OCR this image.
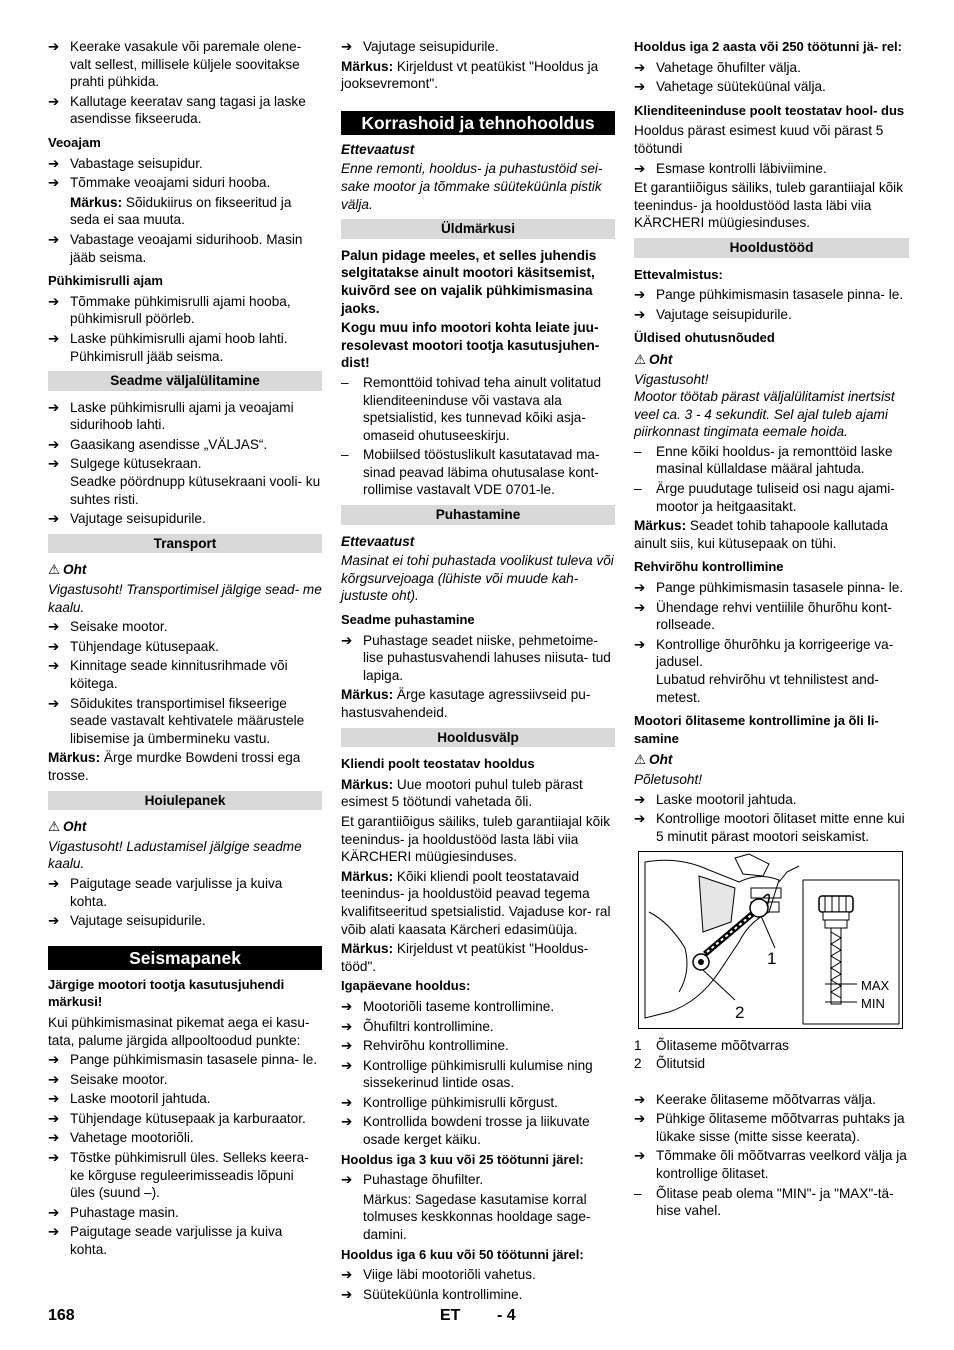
➔ Keerake vasakule või paremale olene- valt sellest, millisele küljele soovitakse prahti pühkida.
➔ Kallutage keeratav sang tagasi ja laske asendisse fikseeruda.
Veoajam
➔ Vabastage seisupidur.
➔ Tõmmake veoajami siduri hooba.
Märkus: Sõidukiirus on fikseeritud ja seda ei saa muuta.
➔ Vabastage veoajami sidurihoob. Masin jääb seisma.
Pühkimisrulli ajam
➔ Tõmmake pühkimisrulli ajami hooba, pühkimisrull pöörleb.
➔ Laske pühkimisrulli ajami hoob lahti. Pühkimisrull jääb seisma.
Seadme väljalülitamine
➔ Laske pühkimisrulli ajami ja veoajami sidurihoob lahti.
➔ Gaasikang asendisse „VÄLJAS“.
➔ Sulgege kütusekraan.
Seadke pöördnupp kütusekraani vooli- ku suhtes risti.
➔ Vajutage seisupidurile.
Transport
⚠ Oht

Vigastusoht! Transportimisel jälgige sead- me kaalu.

➔ Seisake mootor.
➔ Tühjendage kütusepaak.
➔ Kinnitage seade kinnitusrihmade või köitega.
➔ Sõidukites transportimisel fikseerige seade vastavalt kehtivatele määrustele libisemise ja ümbermineku vastu.

Märkus: Ärge murdke Bowdeni trossi ega trosse.

Hoiulepanek
⚠ Oht

Vigastusoht! Ladustamisel jälgige seadme kaalu.

➔ Paigutage seade varjulisse ja kuiva kohta.
➔ Vajutage seisupidurile.
Seismapanek
Järgige mootori tootja kasutusjuhendi märkusi!

Kui pühkimismasinat pikemat aega ei kasu- tata, palume järgida allpooltoodud punkte:

➔ Pange pühkimismasin tasasele pinna- le.
➔ Seisake mootor.
➔ Laske mootoril jahtuda.
➔ Tühjendage kütusepaak ja karburaator.
➔ Vahetage mootoriõli.
➔ Tõstke pühkimisrull üles. Selleks keera- ke kõrguse reguleerimisseadis lõpuni üles (suund –).
➔ Puhastage masin.
➔ Paigutage seade varjulisse ja kuiva kohta.
➔ Vajutage seisupidurile.

Märkus: Kirjeldust vt peatükist "Hooldus ja jooksevremont".

Korrashoid ja tehnohooldus

Ettevaatust

Enne remonti, hooldus- ja puhastustöid sei- sake mootor ja tõmmake süüteküünla pistik välja.

Üldmärkusi

Palun pidage meeles, et selles juhendis selgitatakse ainult mootori käsitsemist, kuivõrd see on vajalik pühkimismasina jaoks.

Kogu muu info mootori kohta leiate juu- resolevast mootori tootja kasutusjuhen- dist!

–	Remonttöid tohivad teha ainult volitatud klienditeeninduse või vastava ala spetsialistid, kes tunnevad kõiki asja- omaseid ohutuseeskirju.
–	Mobiilsed tööstuslikult kasutatavad ma- sinad peavad läbima ohutusalase kont- rollimise vastavalt VDE 0701-le.
Puhastamine

Ettevaatust

Masinat ei tohi puhastada voolikust tuleva või kõrgsurvejoaga (lühiste või muude kah- justuste oht).

Seadme puhastamine
➔ Puhastage seadet niiske, pehmetoime- lise puhastusvahendi lahuses niisuta- tud lapiga.

Märkus: Ärge kasutage agressiivseid pu- hastusvahendeid.

Hooldusvälp
Kliendi poolt teostatav hooldus

Märkus: Uue mootori puhul tuleb pärast esimest 5 töötundi vahetada õli.

Et garantiiõigus säiliks, tuleb garantiiajal kõik teenindus- ja hooldustööd lasta läbi viia KÄRCHERI müügiesinduses.

Märkus: Kõiki kliendi poolt teostatavaid teenindus- ja hooldustöid peavad tegema kvalifitseeritud spetsialistid. Vajaduse kor- ral võib alati kaasata Kärcheri edasimüüja.

Märkus: Kirjeldust vt peatükist "Hooldus- tööd".

Igapäevane hooldus:
➔ Mootoriõli taseme kontrollimine.
➔ Õhufiltri kontrollimine.
➔ Rehvirõhu kontrollimine.
➔ Kontrollige pühkimisrulli kulumise ning sissekerinud lintide osas.
➔ Kontrollige pühkimisrulli kõrgust.
➔ Kontrollida bowdeni trosse ja liikuvate osade kerget käiku.
Hooldus iga 3 kuu või 25 töötunni järel:
➔ Puhastage õhufilter.
Märkus: Sagedase kasutamise korral tolmuses keskkonnas hooldage sage- damini.
Hooldus iga 6 kuu või 50 töötunni järel:
➔ Viige läbi mootoriõli vahetus.
➔ Süüteküünla kontrollimine.
Hooldus iga 2 aasta või 250 töötunni jä- rel:
➔ Vahetage õhufilter välja.
➔ Vahetage süüteküünal välja.
Klienditeeninduse poolt teostatav hool- dus

Hooldus pärast esimest kuud või pärast 5 töötundi

➔ Esmase kontrolli läbiviimine.

Et garantiiõigus säiliks, tuleb garantiiajal kõik teenindus- ja hooldustööd lasta läbi viia KÄRCHERI müügiesinduses.

Hooldustööd
Ettevalmistus:
➔ Pange pühkimismasin tasasele pinna- le.
➔ Vajutage seisupidurile.
Üldised ohutusnõuded
⚠ Oht

Vigastusoht!

Mootor töötab pärast väljalülitamist inertsist veel ca. 3 - 4 sekundit. Sel ajal tuleb ajami piirkonnast tingimata eemale hoida.

–	Enne kõiki hooldus- ja remonttöid laske masinal küllaldase määral jahtuda.
–	Ärge puudutage tuliseid osi nagu ajami- mootor ja heitgaasitakt.

Märkus: Seadet tohib tahapoole kallutada ainult siis, kui kütusepaak on tühi.

Rehvirõhu kontrollimine
➔ Pange pühkimismasin tasasele pinna- le.
➔ Ühendage rehvi ventiilile õhurõhu kont- rollseade.
➔ Kontrollige õhurõhku ja korrigeerige va- jadusel.
Lubatud rehvirõhu vt tehnilistest and- metest.
Mootori õlitaseme kontrollimine ja õli li- samine
⚠ Oht

Põletusoht!

➔ Laske mootoril jahtuda.
➔ Kontrollige mootori õlitaset mitte enne kui 5 minutit pärast mootori seiskamist.
1
2
MAX
MIN
1	Õlitaseme mõõtvarras
2	Õlitutsid
➔ Keerake õlitaseme mõõtvarras välja.
➔ Pühkige õlitaseme mõõtvarras puhtaks ja lükake sisse (mitte sisse keerata).
➔ Tõmmake õli mõõtvarras veelkord välja ja kontrollige õlitaset.
–	Õlitase peab olema "MIN"- ja "MAX"-tä- hise vahel.
168	ET - 4
